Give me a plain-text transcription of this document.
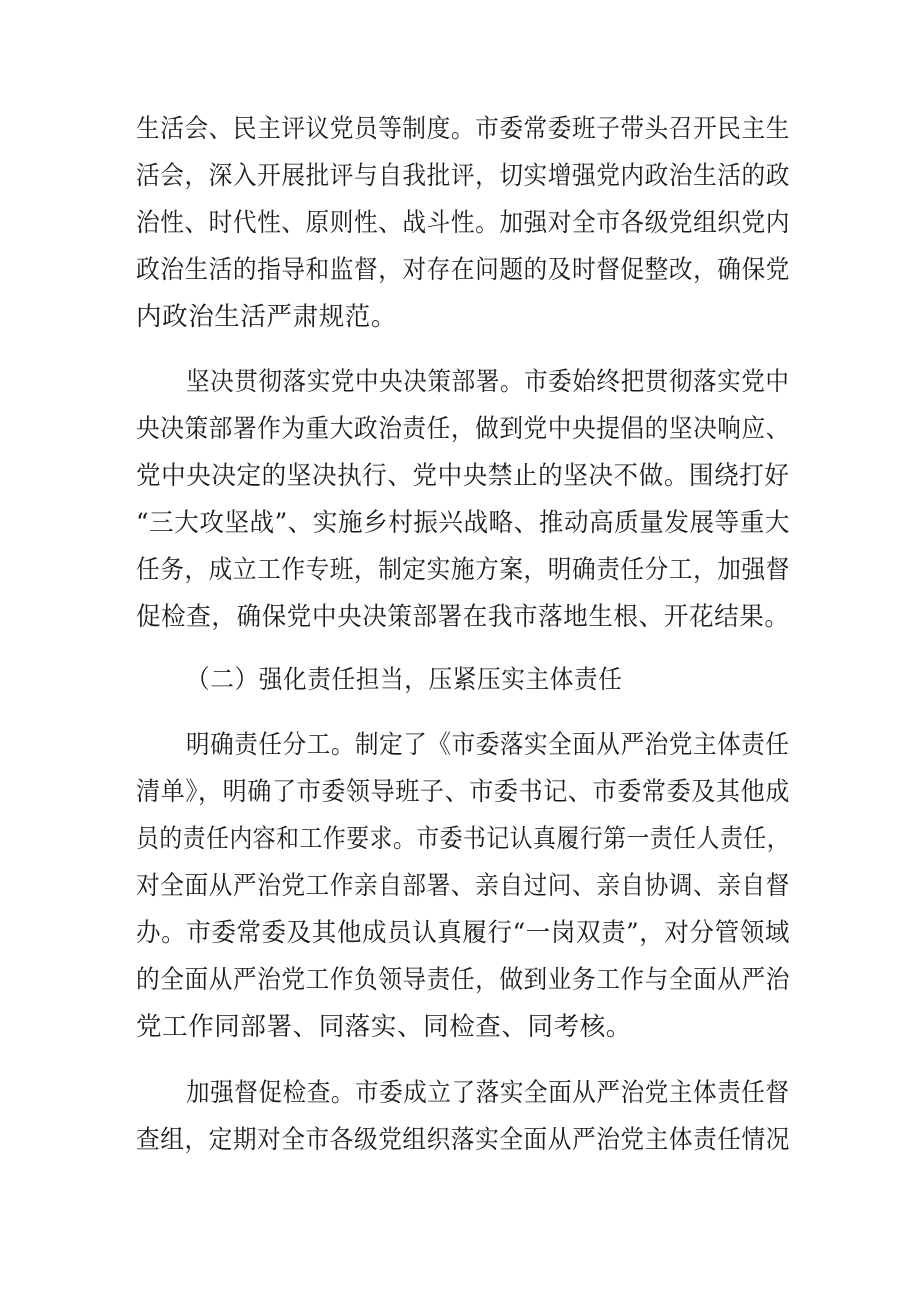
生活会、民主评议党员等制度。市委常委班子带头召开民主生
活会，深入开展批评与自我批评，切实增强党内政治生活的政
治性、时代性、原则性、战斗性。加强对全市各级党组织党内
政治生活的指导和监督，对存在问题的及时督促整改，确保党
内政治生活严肃规范。
坚决贯彻落实党中央决策部署。市委始终把贯彻落实党中
央决策部署作为重大政治责任，做到党中央提倡的坚决响应、
党中央决定的坚决执行、党中央禁止的坚决不做。围绕打好
“三大攻坚战”、实施乡村振兴战略、推动高质量发展等重大
任务，成立工作专班，制定实施方案，明确责任分工，加强督
促检查，确保党中央决策部署在我市落地生根、开花结果。
（二）强化责任担当，压紧压实主体责任
明确责任分工。制定了《市委落实全面从严治党主体责任
清单》，明确了市委领导班子、市委书记、市委常委及其他成
员的责任内容和工作要求。市委书记认真履行第一责任人责任，
对全面从严治党工作亲自部署、亲自过问、亲自协调、亲自督
办。市委常委及其他成员认真履行“一岗双责”，对分管领域
的全面从严治党工作负领导责任，做到业务工作与全面从严治
党工作同部署、同落实、同检查、同考核。
加强督促检查。市委成立了落实全面从严治党主体责任督
查组，定期对全市各级党组织落实全面从严治党主体责任情况
